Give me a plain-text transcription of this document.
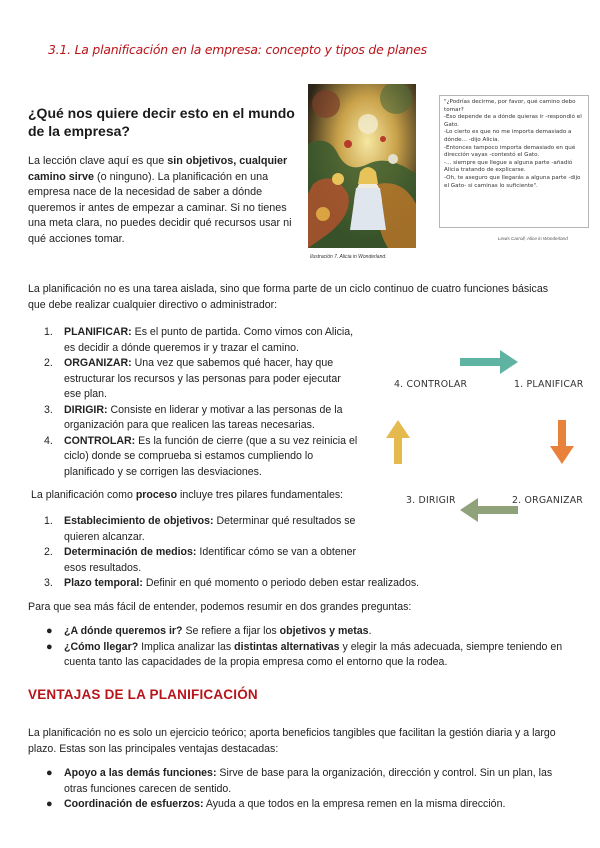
3.1. La planificación en la empresa: concepto y tipos de planes
¿Qué nos quiere decir esto en el mundo de la empresa?
La lección clave aquí es que sin objetivos, cualquier camino sirve (o ninguno). La planificación en una empresa nace de la necesidad de saber a dónde queremos ir antes de empezar a caminar. Si no tienes una meta clara, no puedes decidir qué recursos usar ni qué acciones tomar.
Ilustración 7. Alicia in Wonderland.
"¿Podrías decirme, por favor, qué camino debo tomar?
-Eso depende de a dónde quieras ir -respondió el Gato.
-Lo cierto es que no me importa demasiado a dónde... -dijo Alicia.
-Entonces tampoco importa demasiado en qué dirección vayas -contestó el Gato.
-... siempre que llegue a alguna parte -añadió Alicia tratando de explicarse.
-Oh, te aseguro que llegarás a alguna parte -dijo el Gato- si caminas lo suficiente".
Lewis Carroll, Alice in Wonderland
La planificación no es una tarea aislada, sino que forma parte de un ciclo continuo de cuatro funciones básicas que debe realizar cualquier directivo o administrador:
1. PLANIFICAR: Es el punto de partida. Como vimos con Alicia, es decidir a dónde queremos ir y trazar el camino.
2. ORGANIZAR: Una vez que sabemos qué hacer, hay que estructurar los recursos y las personas para poder ejecutar ese plan.
3. DIRIGIR: Consiste en liderar y motivar a las personas de la organización para que realicen las tareas necesarias.
4. CONTROLAR: Es la función de cierre (que a su vez reinicia el ciclo) donde se comprueba si estamos cumpliendo lo planificado y se corrigen las desviaciones.
1. PLANIFICAR
2. ORGANIZAR
3. DIRIGIR
4. CONTROLAR
La planificación como proceso incluye tres pilares fundamentales:
1. Establecimiento de objetivos: Determinar qué resultados se quieren alcanzar.
2. Determinación de medios: Identificar cómo se van a obtener esos resultados.
3. Plazo temporal: Definir en qué momento o periodo deben estar realizados.
Para que sea más fácil de entender, podemos resumir en dos grandes preguntas:
● ¿A dónde queremos ir? Se refiere a fijar los objetivos y metas.
● ¿Cómo llegar? Implica analizar las distintas alternativas y elegir la más adecuada, siempre teniendo en cuenta tanto las capacidades de la propia empresa como el entorno que la rodea.
VENTAJAS DE LA PLANIFICACIÓN
La planificación no es solo un ejercicio teórico; aporta beneficios tangibles que facilitan la gestión diaria y a largo plazo. Estas son las principales ventajas destacadas:
● Apoyo a las demás funciones: Sirve de base para la organización, dirección y control. Sin un plan, las otras funciones carecen de sentido.
● Coordinación de esfuerzos: Ayuda a que todos en la empresa remen en la misma dirección.
